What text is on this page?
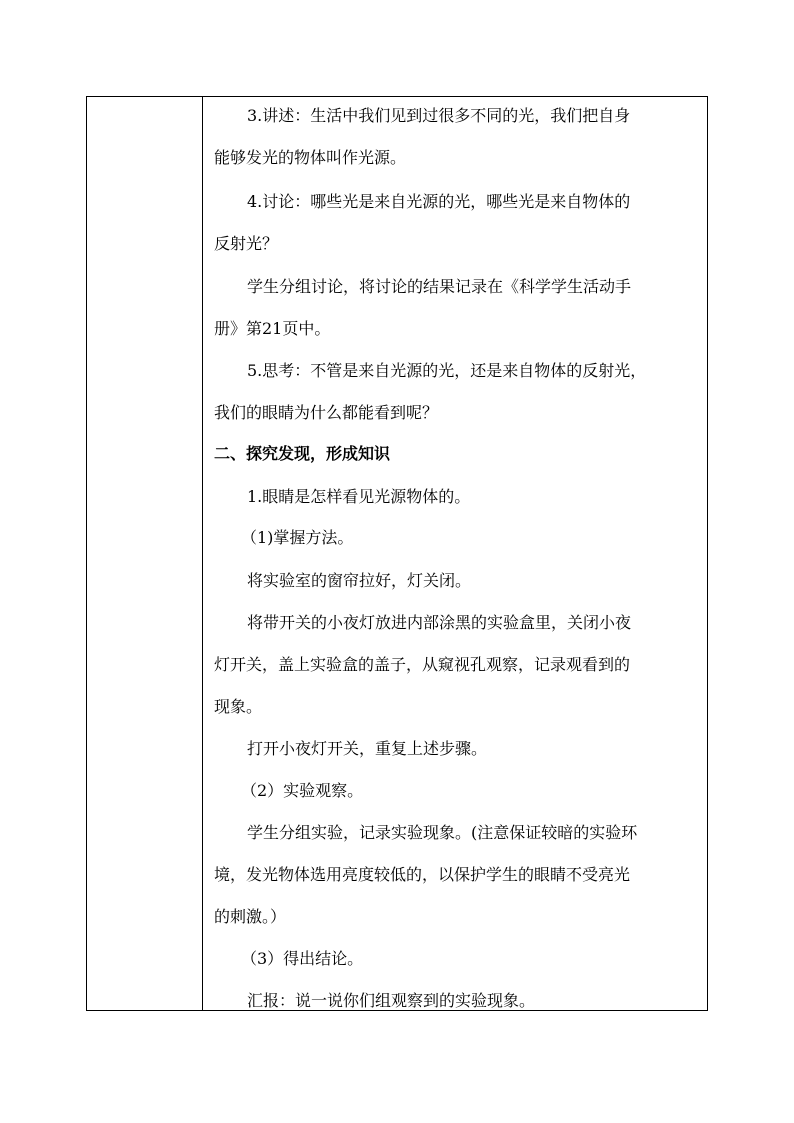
3.讲述：生活中我们见到过很多不同的光，我们把自身
能够发光的物体叫作光源。
4.讨论：哪些光是来自光源的光，哪些光是来自物体的
反射光？
学生分组讨论，将讨论的结果记录在《科学学生活动手
册》第21页中。
5.思考：不管是来自光源的光，还是来自物体的反射光，
我们的眼睛为什么都能看到呢？
二、探究发现，形成知识
1.眼睛是怎样看见光源物体的。
（1)掌握方法。
将实验室的窗帘拉好，灯关闭。
将带开关的小夜灯放进内部涂黑的实验盒里，关闭小夜
灯开关，盖上实验盒的盖子，从窥视孔观察，记录观看到的
现象。
打开小夜灯开关，重复上述步骤。
（2）实验观察。
学生分组实验，记录实验现象。(注意保证较暗的实验环
境，发光物体选用亮度较低的，以保护学生的眼睛不受亮光
的刺激。）
（3）得出结论。
汇报：说一说你们组观察到的实验现象。
